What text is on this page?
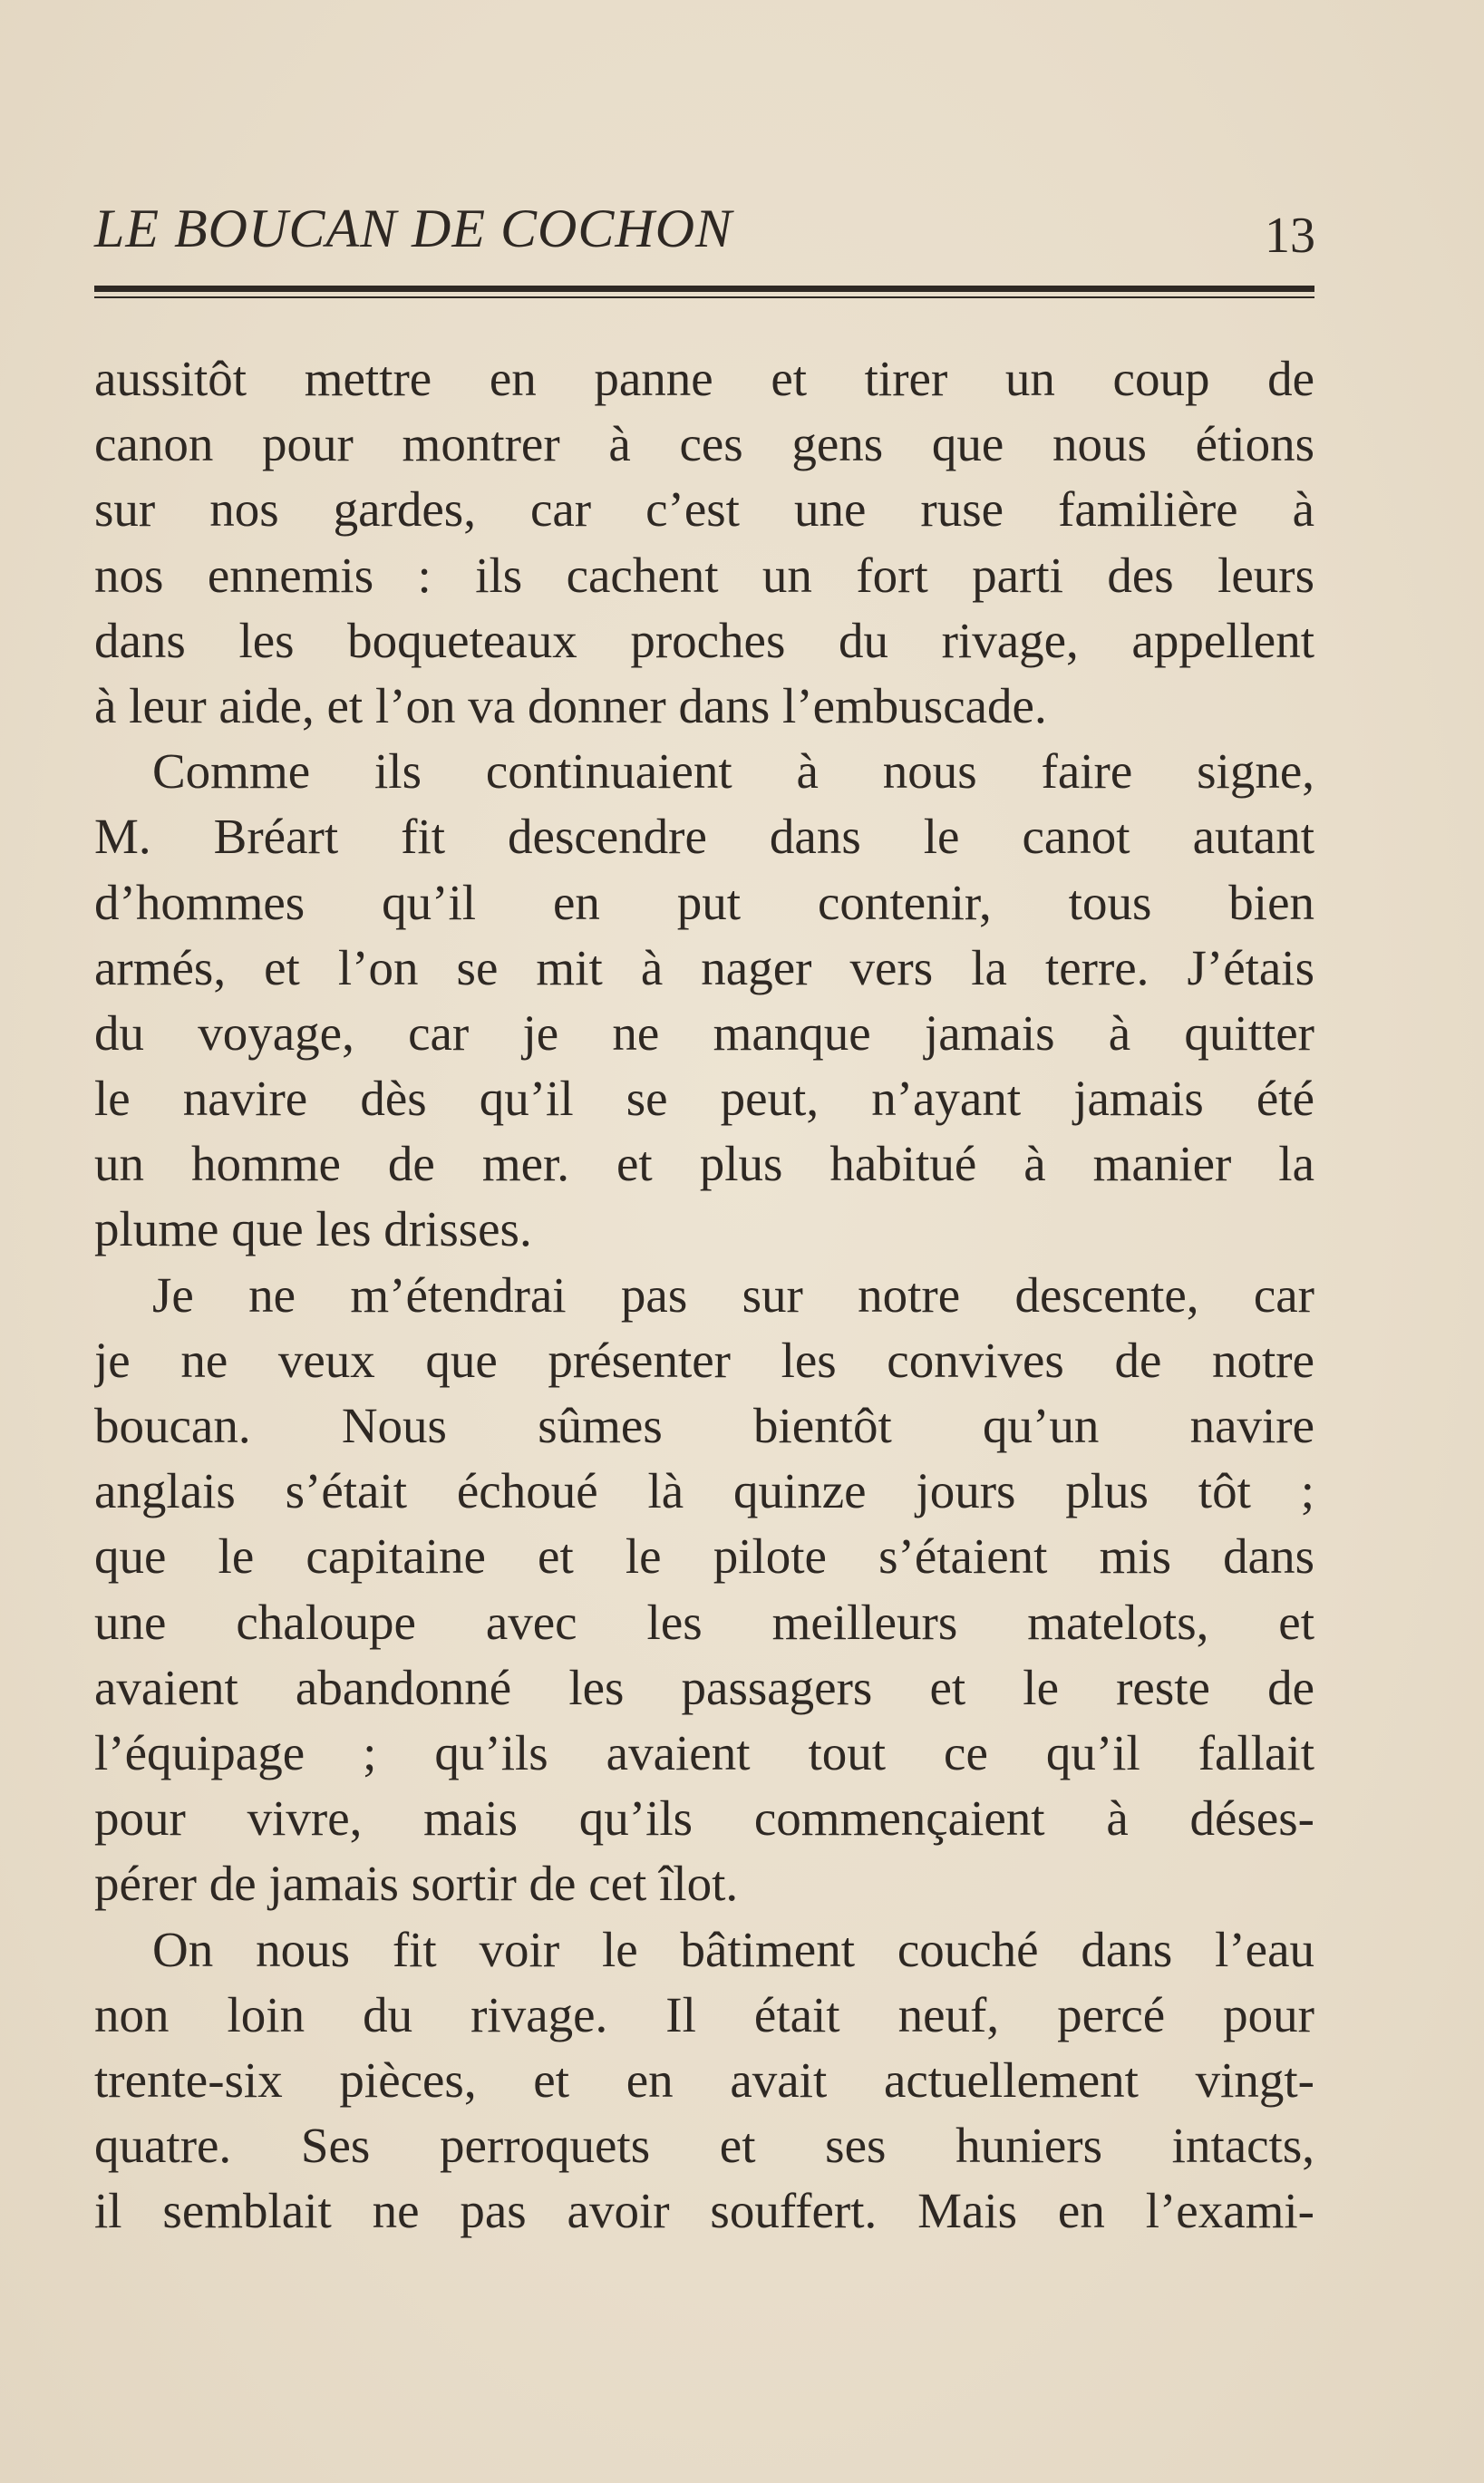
LE BOUCAN DE COCHON	13
aussitôt mettre en panne et tirer un coup de
canon pour montrer à ces gens que nous étions
sur nos gardes, car c’est une ruse familière à
nos ennemis : ils cachent un fort parti des leurs
dans les boqueteaux proches du rivage, appellent
à leur aide, et l’on va donner dans l’embuscade.
Comme ils continuaient à nous faire signe,
M. Bréart fit descendre dans le canot autant
d’hommes qu’il en put contenir, tous bien
armés, et l’on se mit à nager vers la terre. J’étais
du voyage, car je ne manque jamais à quitter
le navire dès qu’il se peut, n’ayant jamais été
un homme de mer. et plus habitué à manier la
plume que les drisses.
Je ne m’étendrai pas sur notre descente, car
je ne veux que présenter les convives de notre
boucan. Nous sûmes bientôt qu’un navire
anglais s’était échoué là quinze jours plus tôt ;
que le capitaine et le pilote s’étaient mis dans
une chaloupe avec les meilleurs matelots, et
avaient abandonné les passagers et le reste de
l’équipage ; qu’ils avaient tout ce qu’il fallait
pour vivre, mais qu’ils commençaient à déses-
pérer de jamais sortir de cet îlot.
On nous fit voir le bâtiment couché dans l’eau
non loin du rivage. Il était neuf, percé pour
trente-six pièces, et en avait actuellement vingt-
quatre. Ses perroquets et ses huniers intacts,
il semblait ne pas avoir souffert. Mais en l’exami-
